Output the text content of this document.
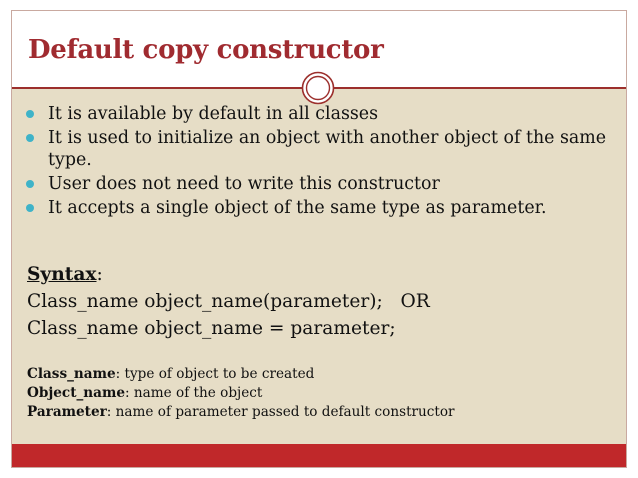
Default copy constructor
It is available by default in all classes
It is used to initialize an object with another object of the same type.
User does not need to write this constructor
It accepts a single object of the same type as parameter.
Syntax:
Class_name object_name(parameter);   OR
Class_name object_name = parameter;
Class_name: type of object to be created
Object_name: name of the object
Parameter: name of parameter passed to default constructor
